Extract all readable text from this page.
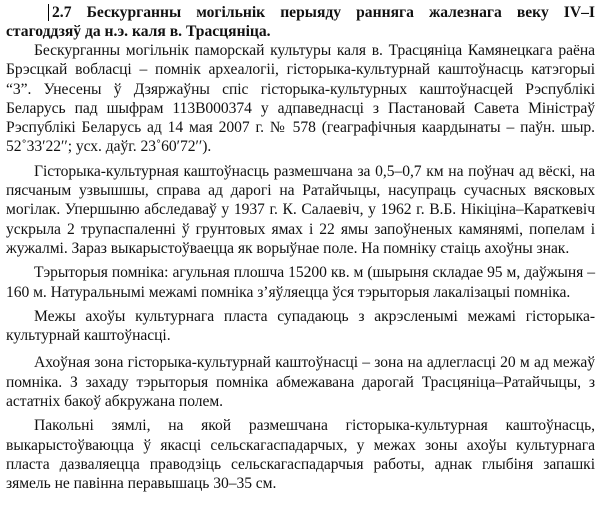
2.7 Бескурганны могільнік перыяду ранняга жалезнага веку IV–I стагоддзяў да н.э. каля в. Трасцяніца.

Бескурганны могільнік паморскай культуры каля в. Трасцяніца Камянецкага раёна Брэсцкай вобласці – помнік археалогіі, гісторыка-культурнай каштоўнасць катэгорыі “3”. Унесены ў Дзяржаўны спіс гісторыка-культурных каштоўнасцей Рэспублікі Беларусь пад шыфрам 113В000374 у адпаведнасці з Пастановай Савета Міністраў Рэспублікі Беларусь ад 14 мая 2007 г. № 578 (геаграфічныя каардынаты – паўн. шыр. 52˚33′22′′; усх. даўг. 23˚60′72′′).

Гісторыка-культурная каштоўнасць размешчана за 0,5–0,7 км на поўнач ад вёскі, на пясчаным узвышшы, справа ад дарогі на Ратайчыцы, насупраць сучасных вясковых могілак. Упершыню абследаваў у 1937 г. К. Салаевіч, у 1962 г. В.Б. Нікіціна–Караткевіч ускрыла 2 трупаспаленні ў грунтовых ямах і 22 ямы запоўненых камянямі, попелам і жужалмі. Зараз выкарыстоўваецца як ворыўнае поле. На помніку стаіць ахоўны знак.

Тэрыторыя помніка: агульная плошча 15200 кв. м (шырыня складае 95 м, даўжыня – 160 м. Натуральнымі межамі помніка з’яўляецца ўся тэрыторыя лакалізацыі помніка.

Межы ахоўы культурнага пласта супадаюць з акрэсленымі межамі гісторыка-культурнай каштоўнасці.

Ахоўная зона гісторыка-культурнай каштоўнасці – зона на адлегласці 20 м ад межаў помніка. З захаду тэрыторыя помніка абмежавана дарогай Трасцяніца–Ратайчыцы, з астатніх бакоў абкружана полем.

Пакольні зямлі, на якой размешчана гісторыка-культурная каштоўнасць, выкарыстоўваюцца ў якасці сельскагаспадарчых, у межах зоны ахоўы культурнага пласта дазваляецца праводзіць сельскагаспадарчыя работы, аднак глыбіня запашкі зямель не павінна перавышаць 30–35 см.
